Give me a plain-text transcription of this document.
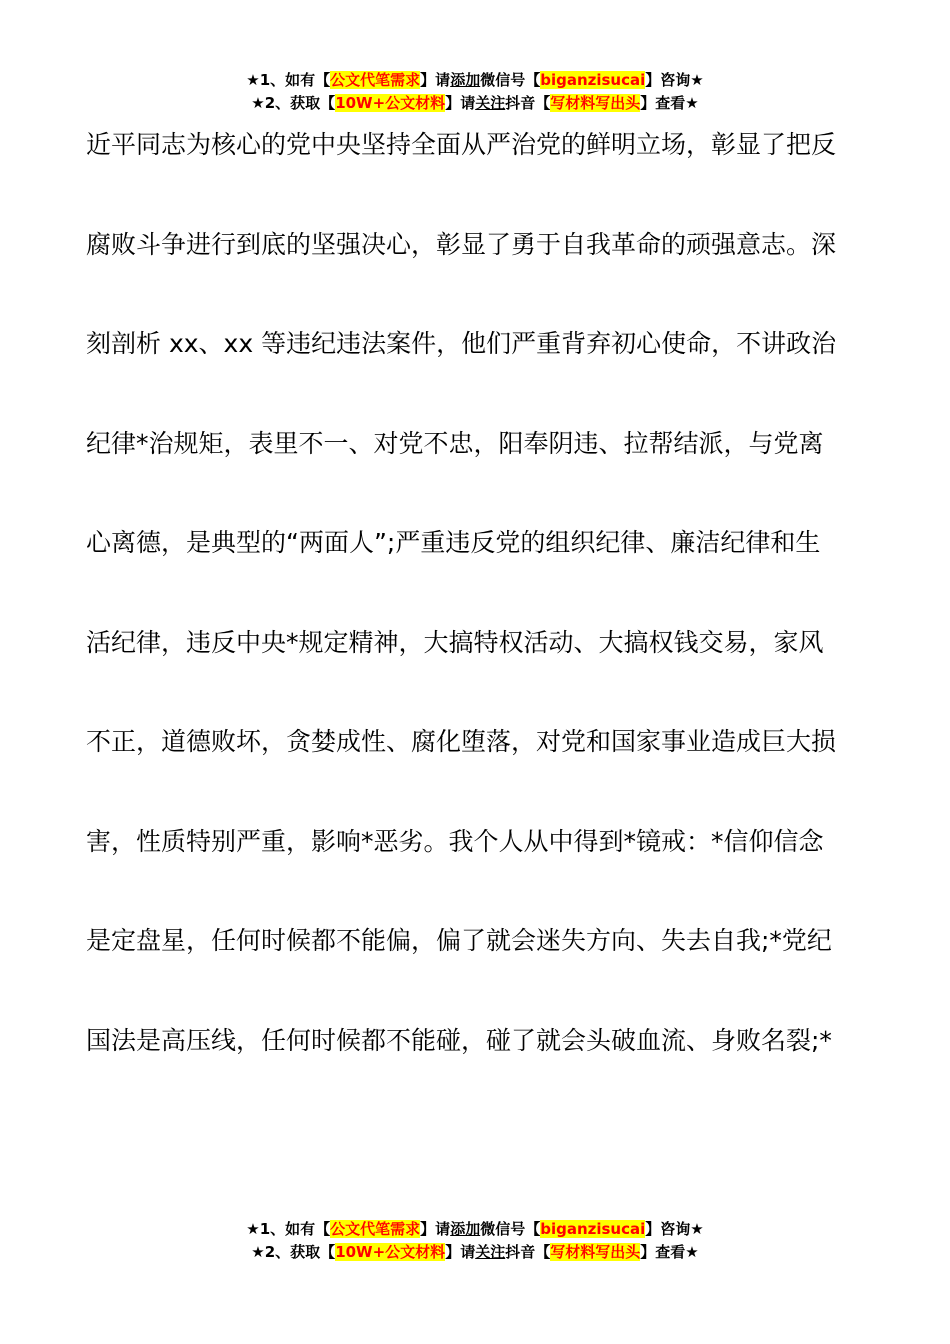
★1、如有【公文代笔需求】请添加微信号【biganzisucai】咨询★
★2、获取【10W+公文材料】请关注抖音【写材料写出头】查看★
近平同志为核心的党中央坚持全面从严治党的鲜明立场，彰显了把反
腐败斗争进行到底的坚强决心，彰显了勇于自我革命的顽强意志。深
刻剖析 xx、xx 等违纪违法案件，他们严重背弃初心使命，不讲政治
纪律*治规矩，表里不一、对党不忠，阳奉阴违、拉帮结派，与党离
心离德，是典型的“两面人”;严重违反党的组织纪律、廉洁纪律和生
活纪律，违反中央*规定精神，大搞特权活动、大搞权钱交易，家风
不正，道德败坏，贪婪成性、腐化堕落，对党和国家事业造成巨大损
害，性质特别严重，影响*恶劣。我个人从中得到*镜戒：*信仰信念
是定盘星，任何时候都不能偏，偏了就会迷失方向、失去自我;*党纪
国法是高压线，任何时候都不能碰，碰了就会头破血流、身败名裂;*
★1、如有【公文代笔需求】请添加微信号【biganzisucai】咨询★
★2、获取【10W+公文材料】请关注抖音【写材料写出头】查看★
